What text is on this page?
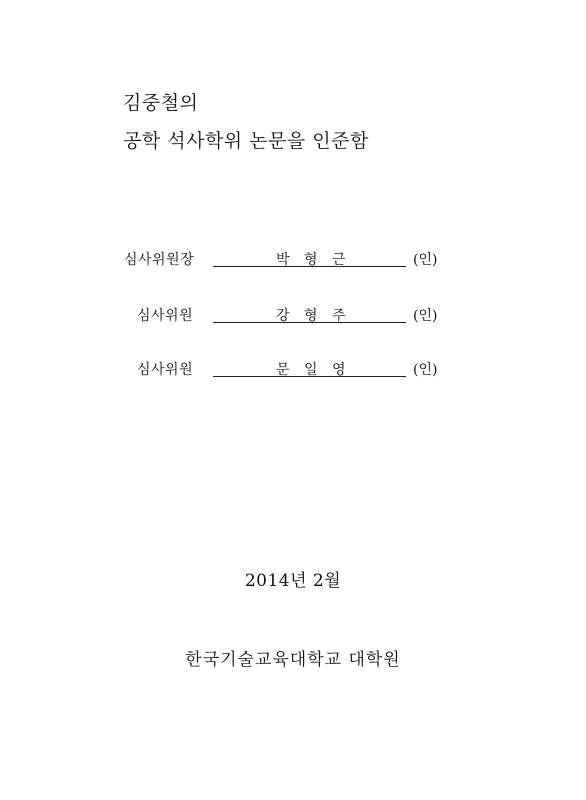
김중철의
공학 석사학위 논문을 인준함
심사위원장	박 형 근	(인)
심사위원	강 형 주	(인)
심사위원	문 일 영	(인)
2014년 2월
한국기술교육대학교 대학원
